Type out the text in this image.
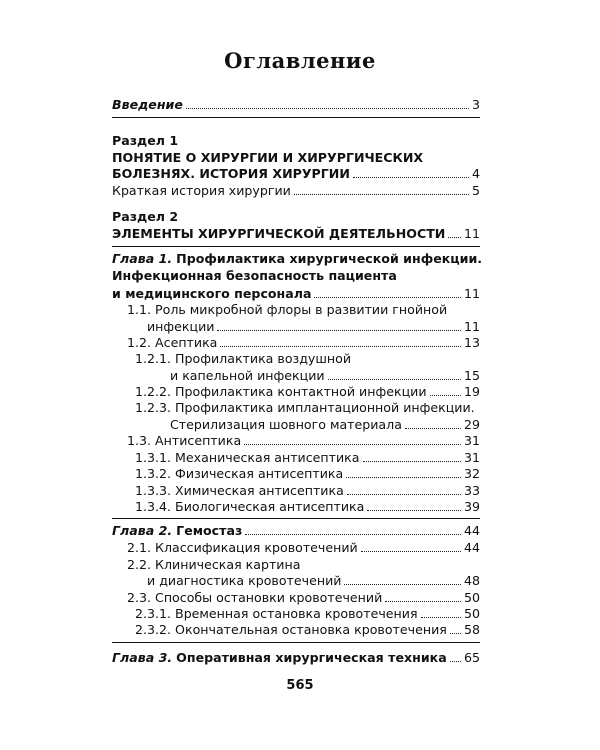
Оглавление
Введение	3
Раздел 1
ПОНЯТИЕ О ХИРУРГИИ И ХИРУРГИЧЕСКИХ
БОЛЕЗНЯХ. ИСТОРИЯ ХИРУРГИИ	4
Краткая история хирургии	5
Раздел 2
ЭЛЕМЕНТЫ ХИРУРГИЧЕСКОЙ ДЕЯТЕЛЬНОСТИ 11
Глава 1. Профилактика хирургической инфекции.
Инфекционная безопасность пациента
и медицинского персонала	11
1.1. Роль микробной флоры в развитии гнойной
инфекции	11
1.2. Асептика	13
1.2.1. Профилактика воздушной
и капельной инфекции	15
1.2.2. Профилактика контактной инфекции	19
1.2.3. Профилактика имплантационной инфекции.
Стерилизация шовного материала	29
1.3. Антисептика	31
1.3.1. Механическая антисептика	31
1.3.2. Физическая антисептика	32
1.3.3. Химическая антисептика	33
1.3.4. Биологическая антисептика	39
Глава 2. Гемостаз	44
2.1. Классификация кровотечений	44
2.2. Клиническая картина
и диагностика кровотечений	48
2.3. Способы остановки кровотечений	50
2.3.1. Временная остановка кровотечения	50
2.3.2. Окончательная остановка кровотечения 58
Глава 3. Оперативная хирургическая техника 65
565
